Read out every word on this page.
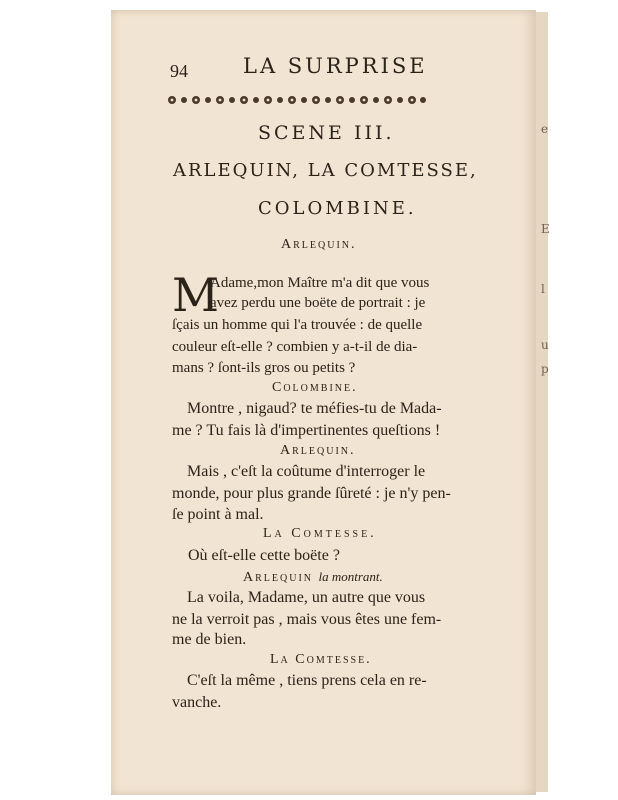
e
E
l
u
p
94	LA SURPRISE
SCENE III.
ARLEQUIN, LA COMTESSE,
COLOMBINE.
Arlequin.
M
Adame,mon Maître m'a dit que vous
avez perdu une boëte de portrait : je
ſçais un homme qui l'a trouvée : de quelle
couleur eſt-elle ? combien y a-t-il de dia-
mans ? ſont-ils gros ou petits ?
Colombine.
Montre , nigaud? te méfies-tu de Mada-
me ? Tu fais là d'impertinentes queſtions !
Arlequin.
Mais , c'eſt la coûtume d'interroger le
monde, pour plus grande ſûreté : je n'y pen-
ſe point à mal.
La Comtesse.
Où eſt-elle cette boëte ?
Arlequin la montrant.
La voila, Madame, un autre que vous
ne la verroit pas , mais vous êtes une fem-
me de bien.
La Comtesse.
C'eſt la même , tiens prens cela en re-
vanche.
